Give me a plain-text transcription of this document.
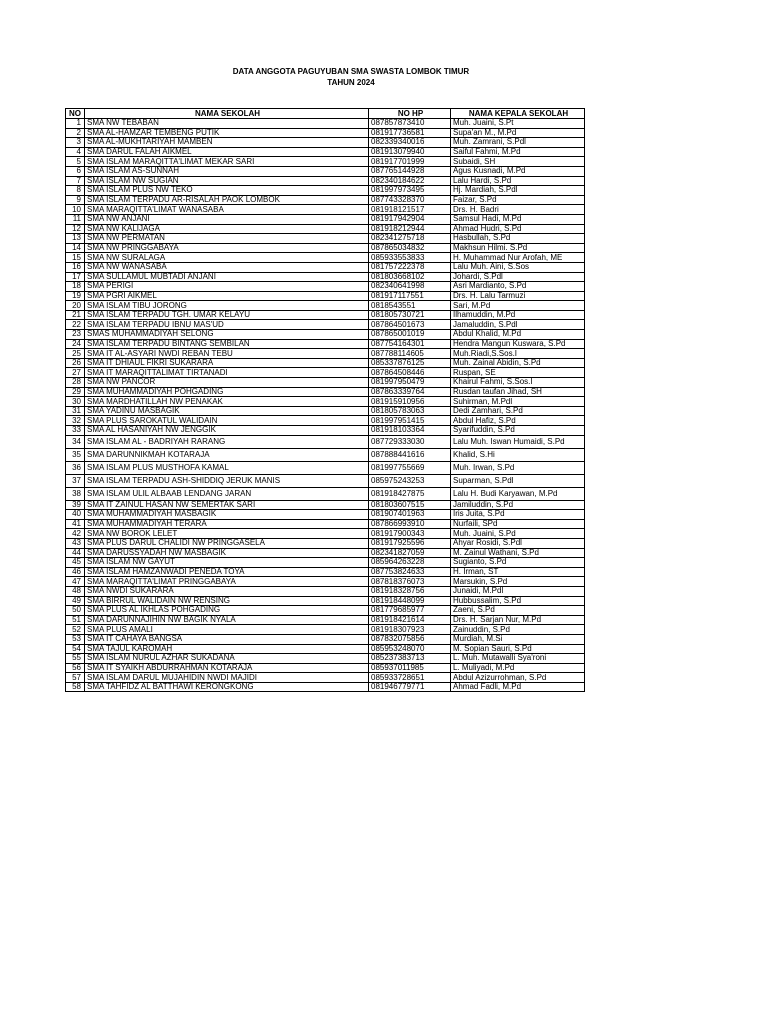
DATA ANGGOTA PAGUYUBAN SMA SWASTA LOMBOK TIMUR
TAHUN 2024
NO	NAMA SEKOLAH	NO HP	NAMA KEPALA SEKOLAH
1	SMA NW TEBABAN	087857873410	Muh. Juaini, S.Pt
2	SMA AL-HAMZAR TEMBENG PUTIK	081917736581	Supa'an M., M.Pd
3	SMA AL-MUKHTARIYAH MAMBEN	082339340016	Muh. Zamrani, S.Pdl
4	SMA DARUL FALAH AIKMEL	081913079940	Saiful Fahmi, M.Pd
5	SMA ISLAM MARAQITTA'LIMAT MEKAR SARI	081917701999	Subaidi, SH
6	SMA ISLAM AS-SUNNAH	087765144928	Agus Kusnadi, M.Pd
7	SMA ISLAM NW SUGIAN	082340184622	Lalu Hardi, S.Pd
8	SMA ISLAM PLUS NW TEKO	081997973495	Hj. Mardiah, S.Pdl
9	SMA ISLAM TERPADU AR-RISALAH PAOK LOMBOK	087743328370	Faizar, S.Pd
10	SMA MARAQITTA'LIMAT WANASABA	081918121517	Drs. H. Badri
11	SMA NW ANJANI	081917942904	Samsul Hadi, M.Pd
12	SMA NW KALIJAGA	081918212944	Ahmad Hudri, S.Pd
13	SMA NW PERMATAN	082341275718	Hasbullah, S.Pd
14	SMA NW PRINGGABAYA	087865034832	Makhsun Hilmi. S.Pd
15	SMA NW SURALAGA	085933553833	H. Muhammad Nur Arofah, ME
16	SMA NW WANASABA	081757222378	Lalu Muh. Aini, S.Sos
17	SMA SULLAMUL MUBTADI ANJANI	081803668102	Johardi, S.Pdl
18	SMA PERIGI	082340641998	Asri Mardianto, S.Pd
19	SMA PGRI AIKMEL	081917117551	Drs. H. Lalu Tarmuzi
20	SMA ISLAM TIBU JORONG	0818543551	Sari, M.Pd
21	SMA ISLAM TERPADU TGH. UMAR KELAYU	081805730721	Ilhamuddin, M.Pd
22	SMA ISLAM TERPADU IBNU MAS'UD	087864501673	Jamaluddin, S.Pdl
23	SMAS MUHAMMADIYAH SELONG	087865001019	Abdul Khalid, M.Pd
24	SMA ISLAM TERPADU BINTANG SEMBILAN	087754164301	Hendra Mangun Kuswara, S.Pd
25	SMA IT AL-ASYARI NWDI REBAN TEBU	087788114605	Muh.Riadi,S.Sos.I
26	SMA IT DHIAUL FIKRI SUKARARA	085337876125	Muh. Zainal Abidin, S.Pd
27	SMA IT MARAQITTALIMAT TIRTANADI	087864508446	Ruspan, SE
28	SMA NW PANCOR	081997950479	Khairul Fahmi, S.Sos.I
29	SMA MUHAMMADIYAH POHGADING	087863339764	Rusdan taufan Jihad, SH
30	SMA MARDHATILLAH NW PENAKAK	081915910956	Suhirman, M.Pdl
31	SMA YADINU MASBAGIK	081805783063	Dedi Zamhari, S.Pd
32	SMA PLUS SAROKATUL WALIDAIN	081997951415	Abdul Hafiz, S.Pd
33	SMA AL HASANIYAH NW JENGGIK	081918103364	Syarifuddin, S.Pd
34	SMA ISLAM AL - BADRIYAH RARANG	087729333030	Lalu Muh. Iswan Humaidi, S.Pd
35	SMA DARUNNIKMAH KOTARAJA	087888441616	Khalid, S.Hi
36	SMA ISLAM PLUS MUSTHOFA KAMAL	081997755669	Muh. Irwan, S.Pd
37	SMA ISLAM TERPADU ASH-SHIDDIQ JERUK MANIS	085975243253	Suparman, S.Pdl
38	SMA ISLAM ULIL ALBAAB LENDANG JARAN	081918427875	Lalu H. Budi Karyawan, M.Pd
39	SMA IT ZAINUL HASAN NW SEMERTAK SARI	081803607515	Jamiluddin, S.Pd
40	SMA MUHAMMADIYAH MASBAGIK	081907401963	Iris Juita, S.Pd
41	SMA MUHAMMADIYAH TERARA	087866993910	Nurfaili, SPd
42	SMA NW BOROK LELET	081917900343	Muh. Juaini, S.Pd
43	SMA PLUS DARUL CHALIDI NW PRINGGASELA	081917925596	Ahyar Rosidi, S.Pdl
44	SMA DARUSSYADAH NW MASBAGIK	082341827059	M. Zainul Wathani, S.Pd
45	SMA ISLAM NW GAYUT	085964263228	Sugianto, S.Pd
46	SMA ISLAM HAMZANWADI PENEDA TOYA	087753824633	H. Irman, ST
47	SMA MARAQITTA'LIMAT PRINGGABAYA	087818376073	Marsukin, S.Pd
48	SMA NWDI SUKARARA	081918328756	Junaidi, M.Pdl
49	SMA BIRRUL WALIDAIN NW RENSING	081918448099	Hubbussalim, S.Pd
50	SMA PLUS AL IKHLAS POHGADING	081779685977	Zaeni, S.Pd
51	SMA DARUNNAJIHIN NW BAGIK NYALA	081918421614	Drs. H. Sarjan Nur, M.Pd
52	SMA PLUS AMALI	081918307923	Zainuddin, S.Pd
53	SMA IT CAHAYA BANGSA	087832075856	Murdiah, M.Si
54	SMA TAJUL KAROMAH	085953248070	M. Sopian Sauri, S.Pd
55	SMA ISLAM NURUL AZHAR SUKADANA	085237383713	L. Muh. Mutawalli Sya'roni
56	SMA IT SYAIKH ABDURRAHMAN KOTARAJA	085937011985	L. Muliyadi, M.Pd
57	SMA ISLAM DARUL MUJAHIDIN NWDI MAJIDI	085933728651	Abdul Azizurrohman, S.Pd
58	SMA TAHFIDZ AL BATTHAWI KERONGKONG	081946779771	Ahmad Fadli, M.Pd
